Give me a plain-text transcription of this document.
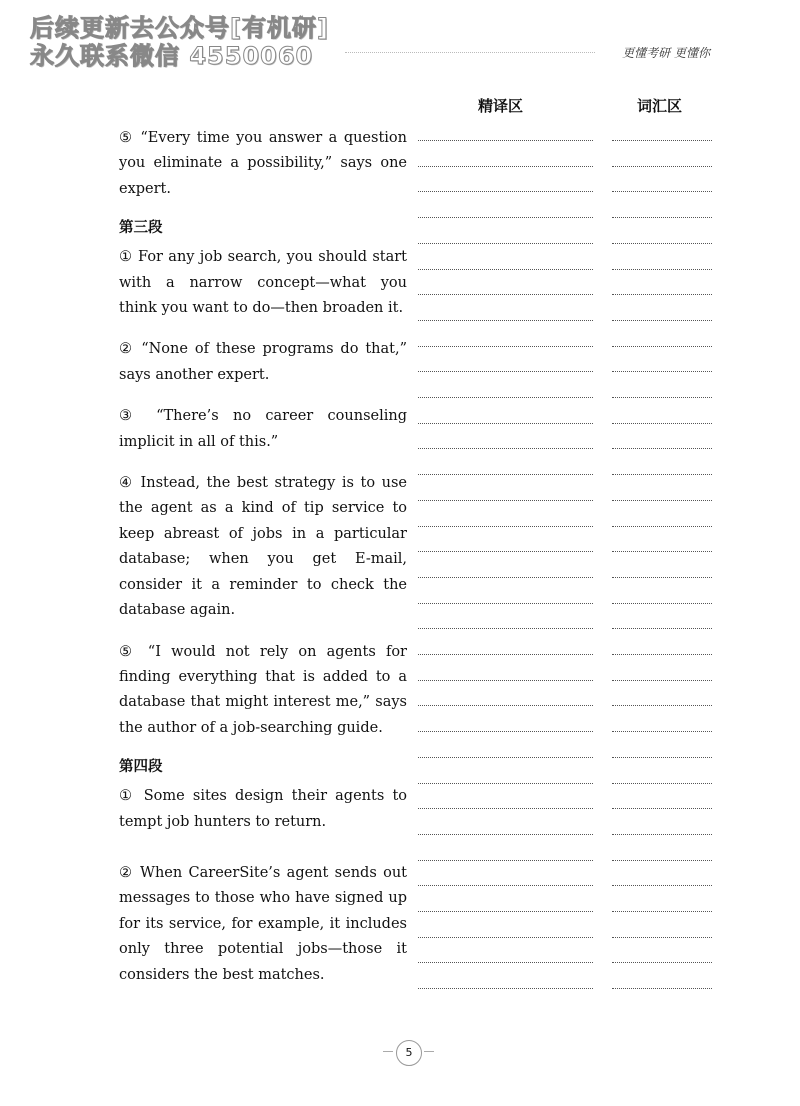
后续更新去公众号[有机研]
永久联系微信 4550060	更懂考研 更懂你
精译区	词汇区

⑤ “Every time you answer a question you eliminate a possibility,” says one expert.

第三段

① For any job search, you should start with a narrow concept—what you think you want to do—then broaden it.

② “None of these programs do that,” says another expert.

③ “There’s no career counseling implicit in all of this.”

④ Instead, the best strategy is to use the agent as a kind of tip service to keep abreast of jobs in a particular database; when you get E-mail, consider it a reminder to check the database again.

⑤ “I would not rely on agents for finding everything that is added to a database that might interest me,” says the author of a job-searching guide.

第四段

① Some sites design their agents to tempt job hunters to return.

② When CareerSite’s agent sends out messages to those who have signed up for its service, for example, it includes only three potential jobs—those it considers the best matches.

5
